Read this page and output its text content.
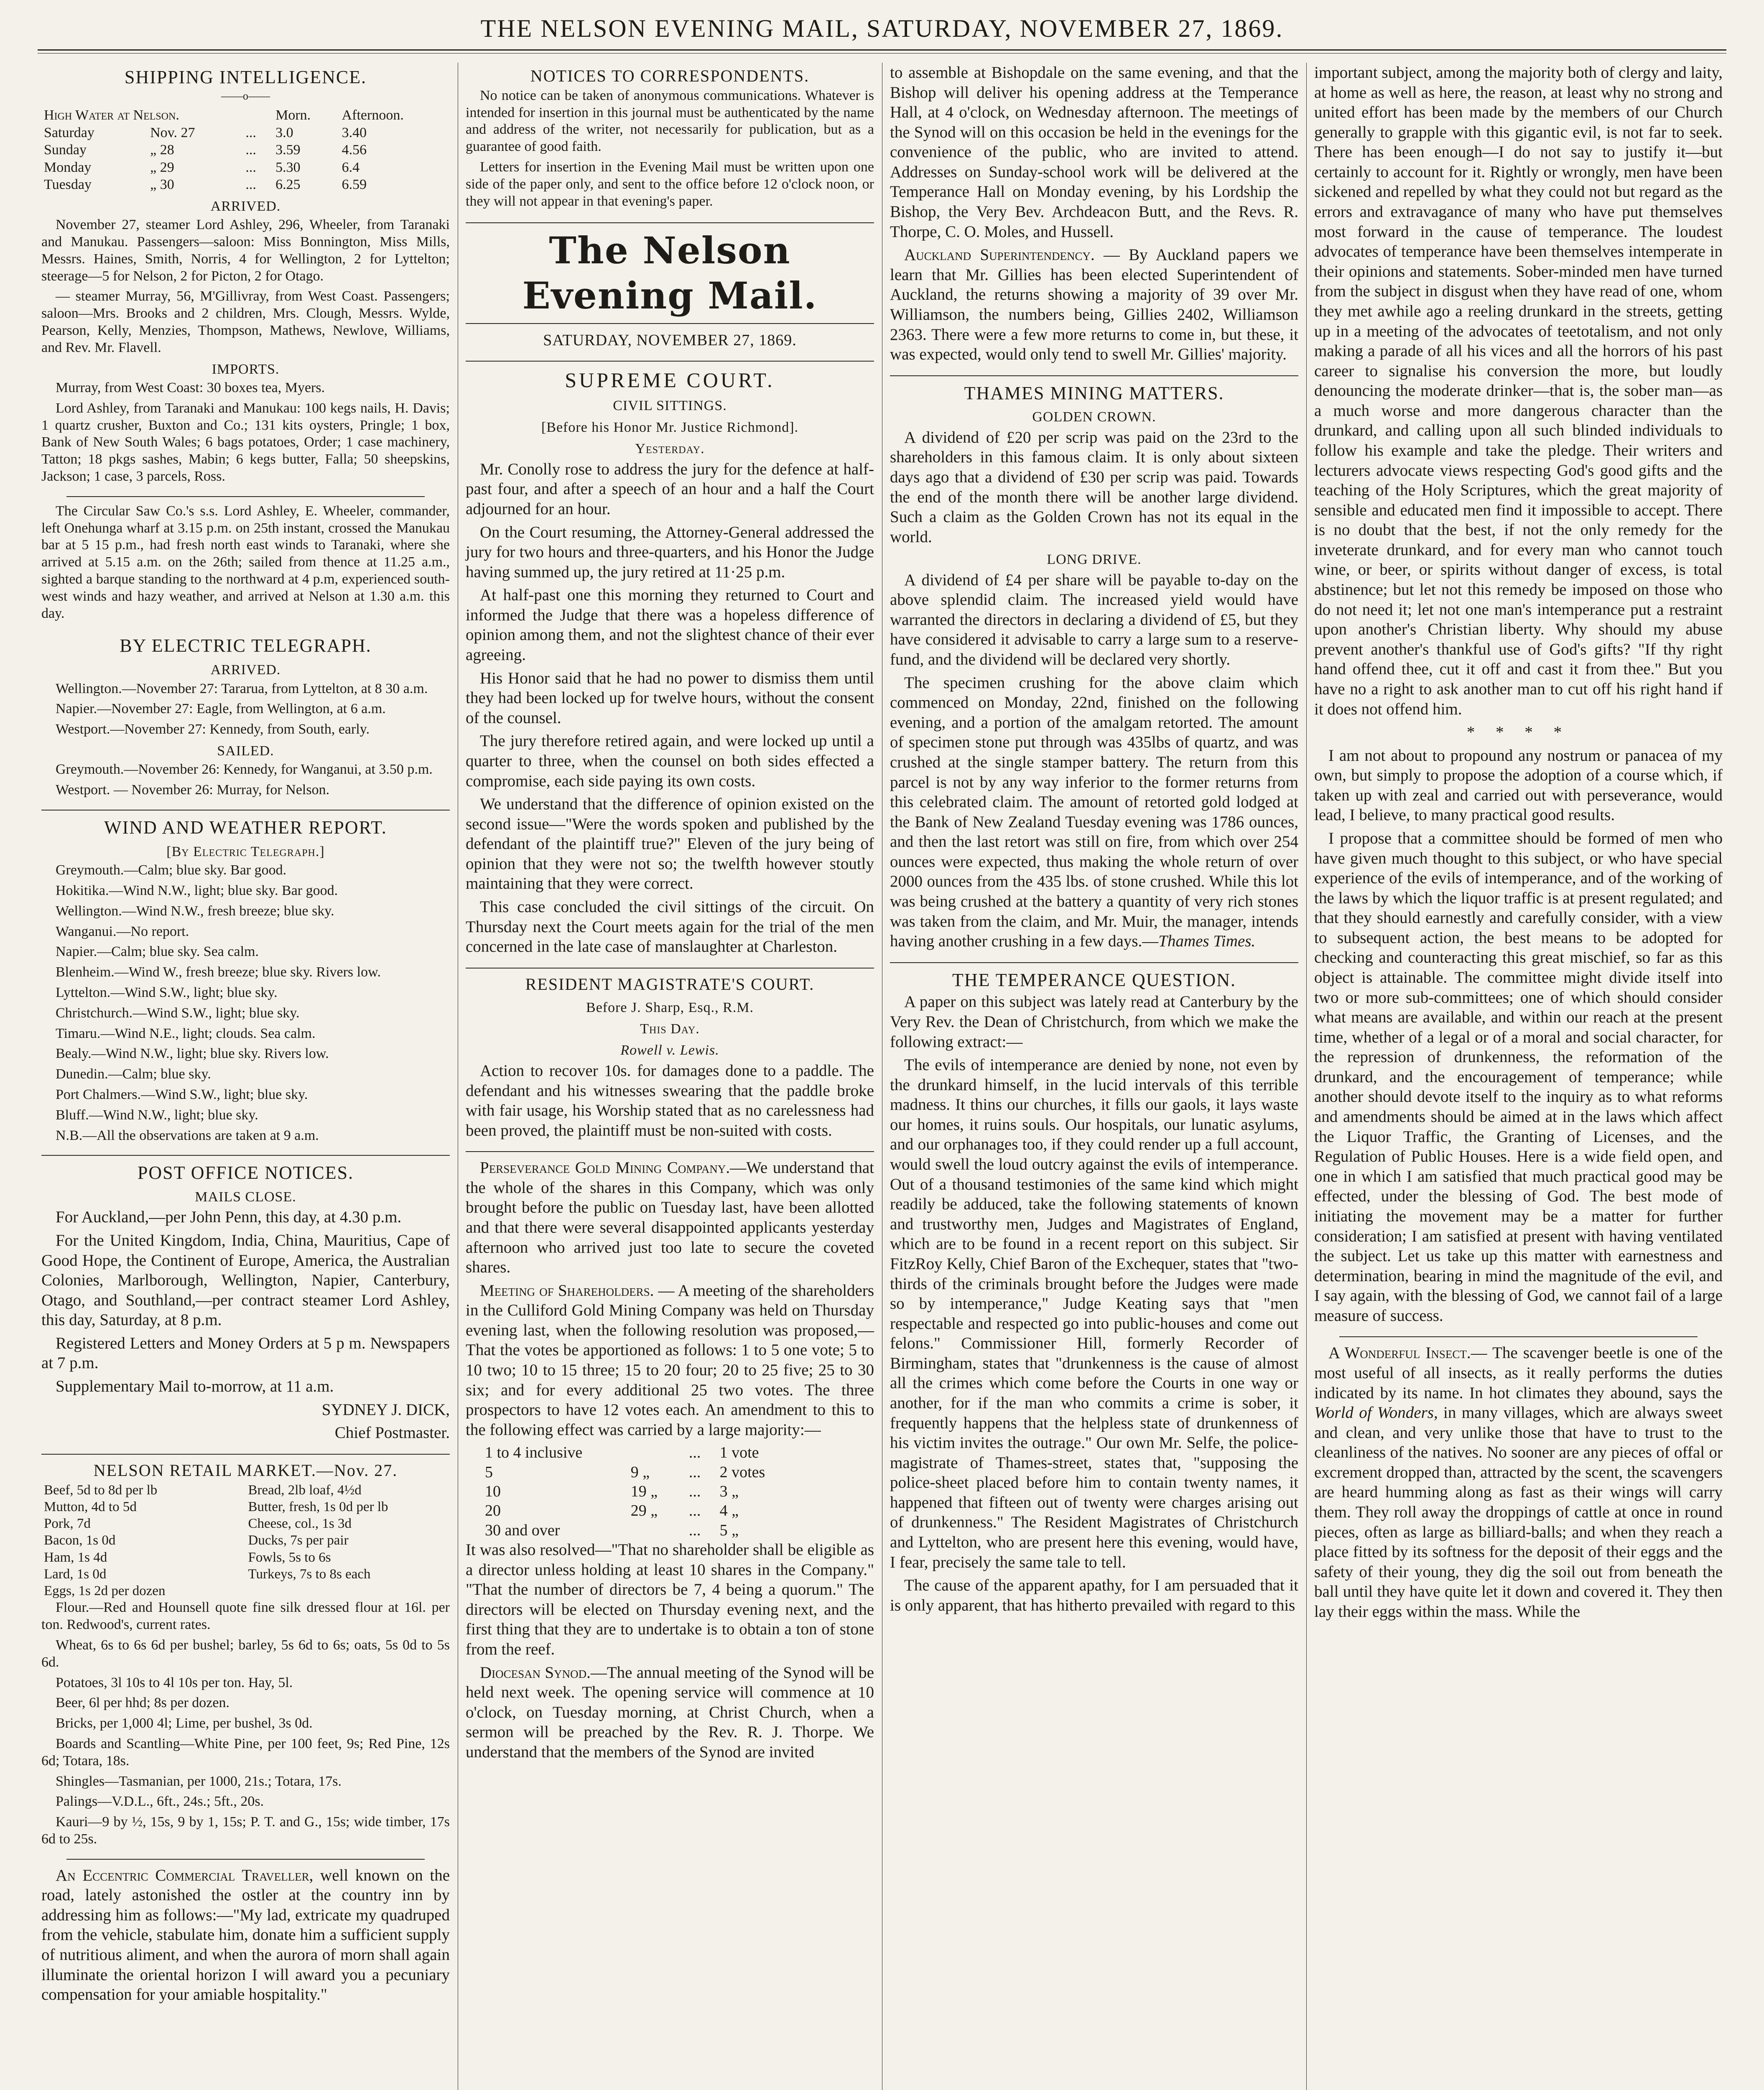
THE NELSON EVENING MAIL, SATURDAY, NOVEMBER 27, 1869.
SHIPPING INTELLIGENCE.
——o——
High Water at Nelson.			Morn.	Afternoon.
Saturday	Nov. 27	...	3.0	3.40
Sunday	„ 28	...	3.59	4.56
Monday	„ 29	...	5.30	6.4
Tuesday	„ 30	...	6.25	6.59
ARRIVED.

November 27, steamer Lord Ashley, 296, Wheeler, from Taranaki and Manukau. Passengers—saloon: Miss Bonnington, Miss Mills, Messrs. Haines, Smith, Norris, 4 for Wellington, 2 for Lyttelton; steerage—5 for Nelson, 2 for Picton, 2 for Otago.

— steamer Murray, 56, M'Gillivray, from West Coast. Passengers; saloon—Mrs. Brooks and 2 children, Mrs. Clough, Messrs. Wylde, Pearson, Kelly, Menzies, Thompson, Mathews, Newlove, Williams, and Rev. Mr. Flavell.

IMPORTS.

Murray, from West Coast: 30 boxes tea, Myers.

Lord Ashley, from Taranaki and Manukau: 100 kegs nails, H. Davis; 1 quartz crusher, Buxton and Co.; 131 kits oysters, Pringle; 1 box, Bank of New South Wales; 6 bags potatoes, Order; 1 case machinery, Tatton; 18 pkgs sashes, Mabin; 6 kegs butter, Falla; 50 sheepskins, Jackson; 1 case, 3 parcels, Ross.

The Circular Saw Co.'s s.s. Lord Ashley, E. Wheeler, commander, left Onehunga wharf at 3.15 p.m. on 25th instant, crossed the Manukau bar at 5 15 p.m., had fresh north east winds to Taranaki, where she arrived at 5.15 a.m. on the 26th; sailed from thence at 11.25 a.m., sighted a barque standing to the northward at 4 p.m, experienced south-west winds and hazy weather, and arrived at Nelson at 1.30 a.m. this day.

BY ELECTRIC TELEGRAPH.
ARRIVED.

Wellington.—November 27: Tararua, from Lyttelton, at 8 30 a.m.

Napier.—November 27: Eagle, from Wellington, at 6 a.m.

Westport.—November 27: Kennedy, from South, early.

SAILED.

Greymouth.—November 26: Kennedy, for Wanganui, at 3.50 p.m.

Westport. — November 26: Murray, for Nelson.

WIND AND WEATHER REPORT.
[By Electric Telegraph.]

Greymouth.—Calm; blue sky. Bar good.

Hokitika.—Wind N.W., light; blue sky. Bar good.

Wellington.—Wind N.W., fresh breeze; blue sky.

Wanganui.—No report.

Napier.—Calm; blue sky. Sea calm.

Blenheim.—Wind W., fresh breeze; blue sky. Rivers low.

Lyttelton.—Wind S.W., light; blue sky.

Christchurch.—Wind S.W., light; blue sky.

Timaru.—Wind N.E., light; clouds. Sea calm.

Bealy.—Wind N.W., light; blue sky. Rivers low.

Dunedin.—Calm; blue sky.

Port Chalmers.—Wind S.W., light; blue sky.

Bluff.—Wind N.W., light; blue sky.

N.B.—All the observations are taken at 9 a.m.

POST OFFICE NOTICES.
MAILS CLOSE.

For Auckland,—per John Penn, this day, at 4.30 p.m.

For the United Kingdom, India, China, Mauritius, Cape of Good Hope, the Continent of Europe, America, the Australian Colonies, Marlborough, Wellington, Napier, Canterbury, Otago, and Southland,—per contract steamer Lord Ashley, this day, Saturday, at 8 p.m.

Registered Letters and Money Orders at 5 p m. Newspapers at 7 p.m.

Supplementary Mail to-morrow, at 11 a.m.

SYDNEY J. DICK,

Chief Postmaster.

NELSON RETAIL MARKET.—Nov. 27.
Beef, 5d to 8d per lb	Bread, 2lb loaf, 4½d
Mutton, 4d to 5d	Butter, fresh, 1s 0d per lb
Pork, 7d	Cheese, col., 1s 3d
Bacon, 1s 0d	Ducks, 7s per pair
Ham, 1s 4d	Fowls, 5s to 6s
Lard, 1s 0d	Turkeys, 7s to 8s each
Eggs, 1s 2d per dozen	

Flour.—Red and Hounsell quote fine silk dressed flour at 16l. per ton. Redwood's, current rates.

Wheat, 6s to 6s 6d per bushel; barley, 5s 6d to 6s; oats, 5s 0d to 5s 6d.

Potatoes, 3l 10s to 4l 10s per ton. Hay, 5l.

Beer, 6l per hhd; 8s per dozen.

Bricks, per 1,000 4l; Lime, per bushel, 3s 0d.

Boards and Scantling—White Pine, per 100 feet, 9s; Red Pine, 12s 6d; Totara, 18s.

Shingles—Tasmanian, per 1000, 21s.; Totara, 17s.

Palings—V.D.L., 6ft., 24s.; 5ft., 20s.

Kauri—9 by ½, 15s, 9 by 1, 15s; P. T. and G., 15s; wide timber, 17s 6d to 25s.

An Eccentric Commercial Traveller, well known on the road, lately astonished the ostler at the country inn by addressing him as follows:—"My lad, extricate my quadruped from the vehicle, stabulate him, donate him a sufficient supply of nutritious aliment, and when the aurora of morn shall again illuminate the oriental horizon I will award you a pecuniary compensation for your amiable hospitality."

NOTICES TO CORRESPONDENTS.

No notice can be taken of anonymous communications. Whatever is intended for insertion in this journal must be authenticated by the name and address of the writer, not necessarily for publication, but as a guarantee of good faith.

Letters for insertion in the Evening Mail must be written upon one side of the paper only, and sent to the office before 12 o'clock noon, or they will not appear in that evening's paper.

The Nelson Evening Mail.
SATURDAY, NOVEMBER 27, 1869.
SUPREME COURT.
CIVIL SITTINGS.
[Before his Honor Mr. Justice Richmond].
Yesterday.

Mr. Conolly rose to address the jury for the defence at half-past four, and after a speech of an hour and a half the Court adjourned for an hour.

On the Court resuming, the Attorney-General addressed the jury for two hours and three-quarters, and his Honor the Judge having summed up, the jury retired at 11·25 p.m.

At half-past one this morning they returned to Court and informed the Judge that there was a hopeless difference of opinion among them, and not the slightest chance of their ever agreeing.

His Honor said that he had no power to dismiss them until they had been locked up for twelve hours, without the consent of the counsel.

The jury therefore retired again, and were locked up until a quarter to three, when the counsel on both sides effected a compromise, each side paying its own costs.

We understand that the difference of opinion existed on the second issue—"Were the words spoken and published by the defendant of the plaintiff true?" Eleven of the jury being of opinion that they were not so; the twelfth however stoutly maintaining that they were correct.

This case concluded the civil sittings of the circuit. On Thursday next the Court meets again for the trial of the men concerned in the late case of manslaughter at Charleston.

RESIDENT MAGISTRATE'S COURT.
Before J. Sharp, Esq., R.M.
This Day.
Rowell v. Lewis.

Action to recover 10s. for damages done to a paddle. The defendant and his witnesses swearing that the paddle broke with fair usage, his Worship stated that as no carelessness had been proved, the plaintiff must be non-suited with costs.

Perseverance Gold Mining Company.—We understand that the whole of the shares in this Company, which was only brought before the public on Tuesday last, have been allotted and that there were several disappointed applicants yesterday afternoon who arrived just too late to secure the coveted shares.

Meeting of Shareholders. — A meeting of the shareholders in the Culliford Gold Mining Company was held on Thursday evening last, when the following resolution was proposed,—That the votes be apportioned as follows: 1 to 5 one vote; 5 to 10 two; 10 to 15 three; 15 to 20 four; 20 to 25 five; 25 to 30 six; and for every additional 25 two votes. The three prospectors to have 12 votes each. An amendment to this to the following effect was carried by a large majority:—

1 to 4 inclusive		...	1 vote
5	9 „	...	2 votes
10	19 „	...	3 „
20	29 „	...	4 „
30 and over		...	5 „

It was also resolved—"That no shareholder shall be eligible as a director unless holding at least 10 shares in the Company." "That the number of directors be 7, 4 being a quorum." The directors will be elected on Thursday evening next, and the first thing that they are to undertake is to obtain a ton of stone from the reef.

Diocesan Synod.—The annual meeting of the Synod will be held next week. The opening service will commence at 10 o'clock, on Tuesday morning, at Christ Church, when a sermon will be preached by the Rev. R. J. Thorpe. We understand that the members of the Synod are invited

to assemble at Bishopdale on the same evening, and that the Bishop will deliver his opening address at the Temperance Hall, at 4 o'clock, on Wednesday afternoon. The meetings of the Synod will on this occasion be held in the evenings for the convenience of the public, who are invited to attend. Addresses on Sunday-school work will be delivered at the Temperance Hall on Monday evening, by his Lordship the Bishop, the Very Bev. Archdeacon Butt, and the Revs. R. Thorpe, C. O. Moles, and Hussell.

Auckland Superintendency. — By Auckland papers we learn that Mr. Gillies has been elected Superintendent of Auckland, the returns showing a majority of 39 over Mr. Williamson, the numbers being, Gillies 2402, Williamson 2363. There were a few more returns to come in, but these, it was expected, would only tend to swell Mr. Gillies' majority.

THAMES MINING MATTERS.
GOLDEN CROWN.

A dividend of £20 per scrip was paid on the 23rd to the shareholders in this famous claim. It is only about sixteen days ago that a dividend of £30 per scrip was paid. Towards the end of the month there will be another large dividend. Such a claim as the Golden Crown has not its equal in the world.

LONG DRIVE.

A dividend of £4 per share will be payable to-day on the above splendid claim. The increased yield would have warranted the directors in declaring a dividend of £5, but they have considered it advisable to carry a large sum to a reserve-fund, and the dividend will be declared very shortly.

The specimen crushing for the above claim which commenced on Monday, 22nd, finished on the following evening, and a portion of the amalgam retorted. The amount of specimen stone put through was 435lbs of quartz, and was crushed at the single stamper battery. The return from this parcel is not by any way inferior to the former returns from this celebrated claim. The amount of retorted gold lodged at the Bank of New Zealand Tuesday evening was 1786 ounces, and then the last retort was still on fire, from which over 254 ounces were expected, thus making the whole return of over 2000 ounces from the 435 lbs. of stone crushed. While this lot was being crushed at the battery a quantity of very rich stones was taken from the claim, and Mr. Muir, the manager, intends having another crushing in a few days.—Thames Times.

THE TEMPERANCE QUESTION.

A paper on this subject was lately read at Canterbury by the Very Rev. the Dean of Christchurch, from which we make the following extract:—

The evils of intemperance are denied by none, not even by the drunkard himself, in the lucid intervals of this terrible madness. It thins our churches, it fills our gaols, it lays waste our homes, it ruins souls. Our hospitals, our lunatic asylums, and our orphanages too, if they could render up a full account, would swell the loud outcry against the evils of intemperance. Out of a thousand testimonies of the same kind which might readily be adduced, take the following statements of known and trustworthy men, Judges and Magistrates of England, which are to be found in a recent report on this subject. Sir FitzRoy Kelly, Chief Baron of the Exchequer, states that "two-thirds of the criminals brought before the Judges were made so by intemperance," Judge Keating says that "men respectable and respected go into public-houses and come out felons." Commissioner Hill, formerly Recorder of Birmingham, states that "drunkenness is the cause of almost all the crimes which come before the Courts in one way or another, for if the man who commits a crime is sober, it frequently happens that the helpless state of drunkenness of his victim invites the outrage." Our own Mr. Selfe, the police-magistrate of Thames-street, states that, "supposing the police-sheet placed before him to contain twenty names, it happened that fifteen out of twenty were charges arising out of drunkenness." The Resident Magistrates of Christchurch and Lyttelton, who are present here this evening, would have, I fear, precisely the same tale to tell.

The cause of the apparent apathy, for I am persuaded that it is only apparent, that has hitherto prevailed with regard to this

important subject, among the majority both of clergy and laity, at home as well as here, the reason, at least why no strong and united effort has been made by the members of our Church generally to grapple with this gigantic evil, is not far to seek. There has been enough—I do not say to justify it—but certainly to account for it. Rightly or wrongly, men have been sickened and repelled by what they could not but regard as the errors and extravagance of many who have put themselves most forward in the cause of temperance. The loudest advocates of temperance have been themselves intemperate in their opinions and statements. Sober-minded men have turned from the subject in disgust when they have read of one, whom they met awhile ago a reeling drunkard in the streets, getting up in a meeting of the advocates of teetotalism, and not only making a parade of all his vices and all the horrors of his past career to signalise his conversion the more, but loudly denouncing the moderate drinker—that is, the sober man—as a much worse and more dangerous character than the drunkard, and calling upon all such blinded individuals to follow his example and take the pledge. Their writers and lecturers advocate views respecting God's good gifts and the teaching of the Holy Scriptures, which the great majority of sensible and educated men find it impossible to accept. There is no doubt that the best, if not the only remedy for the inveterate drunkard, and for every man who cannot touch wine, or beer, or spirits without danger of excess, is total abstinence; but let not this remedy be imposed on those who do not need it; let not one man's intemperance put a restraint upon another's Christian liberty. Why should my abuse prevent another's thankful use of God's gifts? "If thy right hand offend thee, cut it off and cast it from thee." But you have no a right to ask another man to cut off his right hand if it does not offend him.

* * * *

I am not about to propound any nostrum or panacea of my own, but simply to propose the adoption of a course which, if taken up with zeal and carried out with perseverance, would lead, I believe, to many practical good results.

I propose that a committee should be formed of men who have given much thought to this subject, or who have special experience of the evils of intemperance, and of the working of the laws by which the liquor traffic is at present regulated; and that they should earnestly and carefully consider, with a view to subsequent action, the best means to be adopted for checking and counteracting this great mischief, so far as this object is attainable. The committee might divide itself into two or more sub-committees; one of which should consider what means are available, and within our reach at the present time, whether of a legal or of a moral and social character, for the repression of drunkenness, the reformation of the drunkard, and the encouragement of temperance; while another should devote itself to the inquiry as to what reforms and amendments should be aimed at in the laws which affect the Liquor Traffic, the Granting of Licenses, and the Regulation of Public Houses. Here is a wide field open, and one in which I am satisfied that much practical good may be effected, under the blessing of God. The best mode of initiating the movement may be a matter for further consideration; I am satisfied at present with having ventilated the subject. Let us take up this matter with earnestness and determination, bearing in mind the magnitude of the evil, and I say again, with the blessing of God, we cannot fail of a large measure of success.

A Wonderful Insect.— The scavenger beetle is one of the most useful of all insects, as it really performs the duties indicated by its name. In hot climates they abound, says the World of Wonders, in many villages, which are always sweet and clean, and very unlike those that have to trust to the cleanliness of the natives. No sooner are any pieces of offal or excrement dropped than, attracted by the scent, the scavengers are heard humming along as fast as their wings will carry them. They roll away the droppings of cattle at once in round pieces, often as large as billiard-balls; and when they reach a place fitted by its softness for the deposit of their eggs and the safety of their young, they dig the soil out from beneath the ball until they have quite let it down and covered it. They then lay their eggs within the mass. While the
